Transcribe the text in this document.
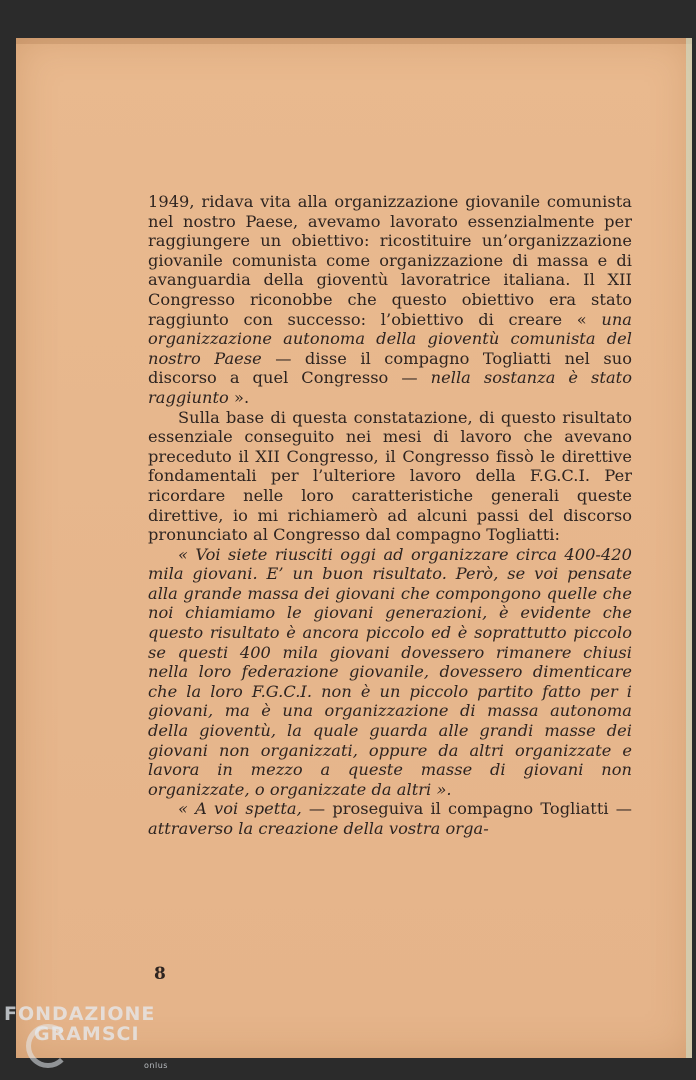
1949, ridava vita alla organizzazione giovanile comunista nel nostro Paese, avevamo lavorato essenzialmente per raggiungere un obiettivo: ricostituire un’organizzazione giovanile comunista come organizzazione di massa e di avanguardia della gioventù lavoratrice italiana. Il XII Congresso riconobbe che questo obiettivo era stato raggiunto con successo: l’obiettivo di creare « una organizzazione autonoma della gioventù comunista del nostro Paese — disse il compagno Togliatti nel suo discorso a quel Congresso — nella sostanza è stato raggiunto ».

Sulla base di questa constatazione, di questo risultato essenziale conseguito nei mesi di lavoro che avevano preceduto il XII Congresso, il Congresso fissò le direttive fondamentali per l’ulteriore lavoro della F.G.C.I. Per ricordare nelle loro caratteristiche generali queste direttive, io mi richiamerò ad alcuni passi del discorso pronunciato al Congresso dal compagno Togliatti:

« Voi siete riusciti oggi ad organizzare circa 400-420 mila giovani. E’ un buon risultato. Però, se voi pensate alla grande massa dei giovani che compongono quelle che noi chiamiamo le giovani generazioni, è evidente che questo risultato è ancora piccolo ed è soprattutto piccolo se questi 400 mila giovani dovessero rimanere chiusi nella loro federazione giovanile, dovessero dimenticare che la loro F.G.C.I. non è un piccolo partito fatto per i giovani, ma è una organizzazione di massa autonoma della gioventù, la quale guarda alle grandi masse dei giovani non organizzati, oppure da altri organizzate e lavora in mezzo a queste masse di giovani non organizzate, o organizzate da altri ».

« A voi spetta, — proseguiva il compagno Togliatti — attraverso la creazione della vostra orga-

8
FONDAZIONE
GRAMSCI
onlus
